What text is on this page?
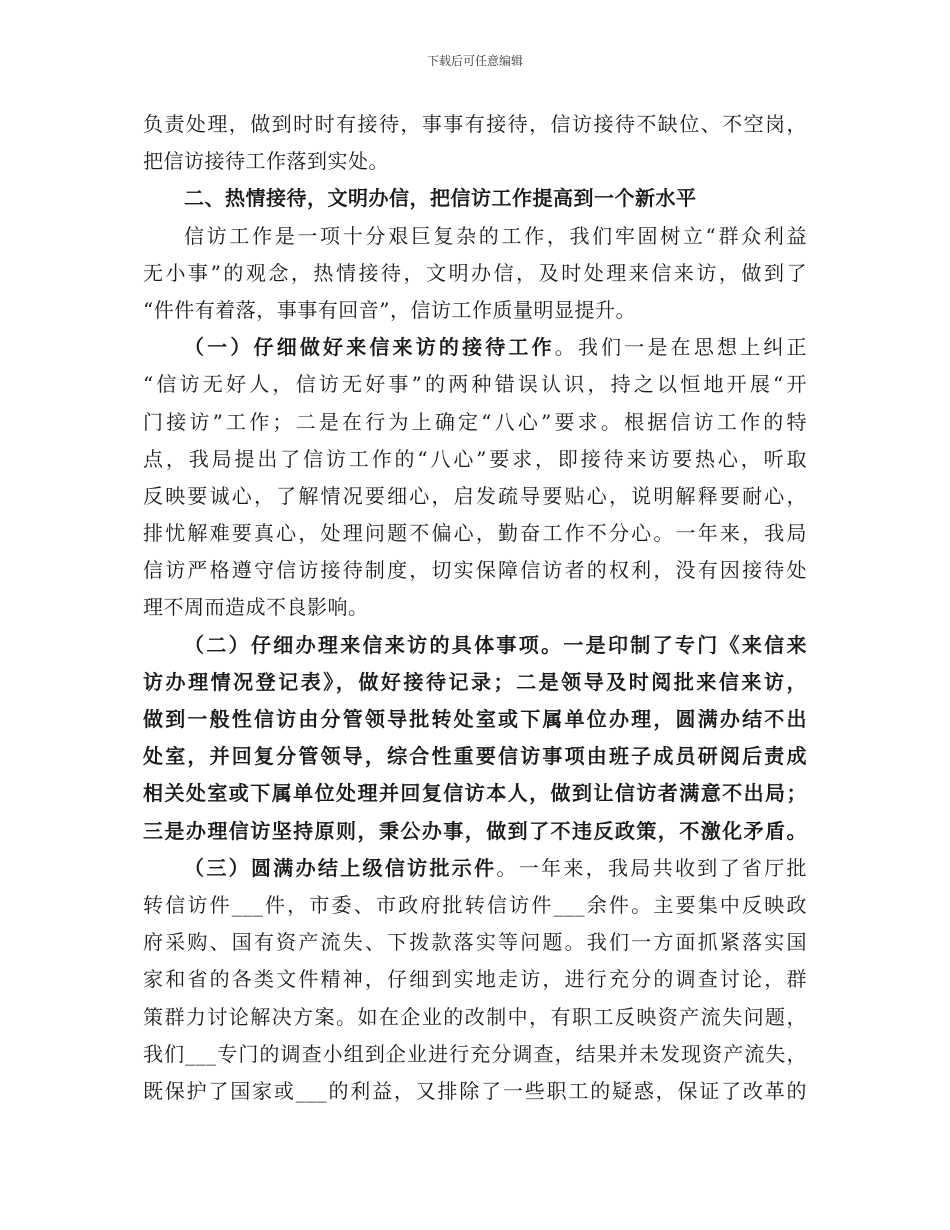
下载后可任意编辑
负责处理，做到时时有接待，事事有接待，信访接待不缺位、不空岗，
把信访接待工作落到实处。
二、热情接待，文明办信，把信访工作提高到一个新水平
信访工作是一项十分艰巨复杂的工作，我们牢固树立“群众利益
无小事”的观念，热情接待，文明办信，及时处理来信来访，做到了
“件件有着落，事事有回音”，信访工作质量明显提升。
（一）仔细做好来信来访的接待工作。我们一是在思想上纠正
“信访无好人，信访无好事”的两种错误认识，持之以恒地开展“开
门接访”工作；二是在行为上确定“八心”要求。根据信访工作的特
点，我局提出了信访工作的“八心”要求，即接待来访要热心，听取
反映要诚心，了解情况要细心，启发疏导要贴心，说明解释要耐心，
排忧解难要真心，处理问题不偏心，勤奋工作不分心。一年来，我局
信访严格遵守信访接待制度，切实保障信访者的权利，没有因接待处
理不周而造成不良影响。
（二）仔细办理来信来访的具体事项。一是印制了专门《来信来
访办理情况登记表》，做好接待记录；二是领导及时阅批来信来访，
做到一般性信访由分管领导批转处室或下属单位办理，圆满办结不出
处室，并回复分管领导，综合性重要信访事项由班子成员研阅后责成
相关处室或下属单位处理并回复信访本人，做到让信访者满意不出局；
三是办理信访坚持原则，秉公办事，做到了不违反政策，不激化矛盾。
（三）圆满办结上级信访批示件。一年来，我局共收到了省厅批
转信访件___件，市委、市政府批转信访件___余件。主要集中反映政
府采购、国有资产流失、下拨款落实等问题。我们一方面抓紧落实国
家和省的各类文件精神，仔细到实地走访，进行充分的调查讨论，群
策群力讨论解决方案。如在企业的改制中，有职工反映资产流失问题，
我们___专门的调查小组到企业进行充分调查，结果并未发现资产流失，
既保护了国家或___的利益，又排除了一些职工的疑惑，保证了改革的
